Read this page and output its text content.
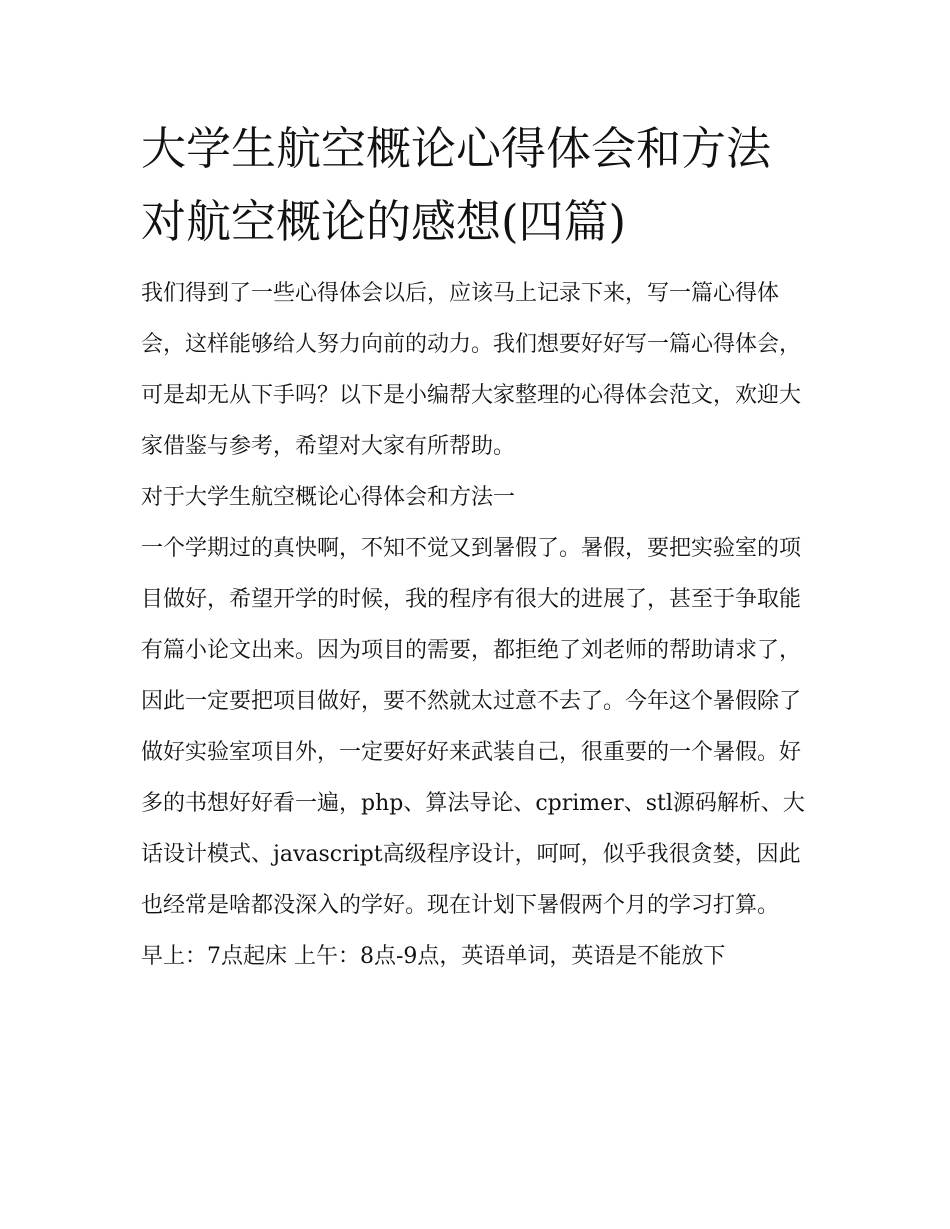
大学生航空概论心得体会和方法 对航空概论的感想(四篇)

我们得到了一些心得体会以后，应该马上记录下来，写一篇心得体会，这样能够给人努力向前的动力。我们想要好好写一篇心得体会，可是却无从下手吗？以下是小编帮大家整理的心得体会范文，欢迎大家借鉴与参考，希望对大家有所帮助。

对于大学生航空概论心得体会和方法一

一个学期过的真快啊，不知不觉又到暑假了。暑假，要把实验室的项目做好，希望开学的时候，我的程序有很大的进展了，甚至于争取能有篇小论文出来。因为项目的需要，都拒绝了刘老师的帮助请求了，因此一定要把项目做好，要不然就太过意不去了。今年这个暑假除了做好实验室项目外，一定要好好来武装自己，很重要的一个暑假。好多的书想好好看一遍，php、算法导论、cprimer、stl源码解析、大话设计模式、javascript高级程序设计，呵呵，似乎我很贪婪，因此也经常是啥都没深入的学好。现在计划下暑假两个月的学习打算。

早上：7点起床 上午：8点-9点，英语单词，英语是不能放下
